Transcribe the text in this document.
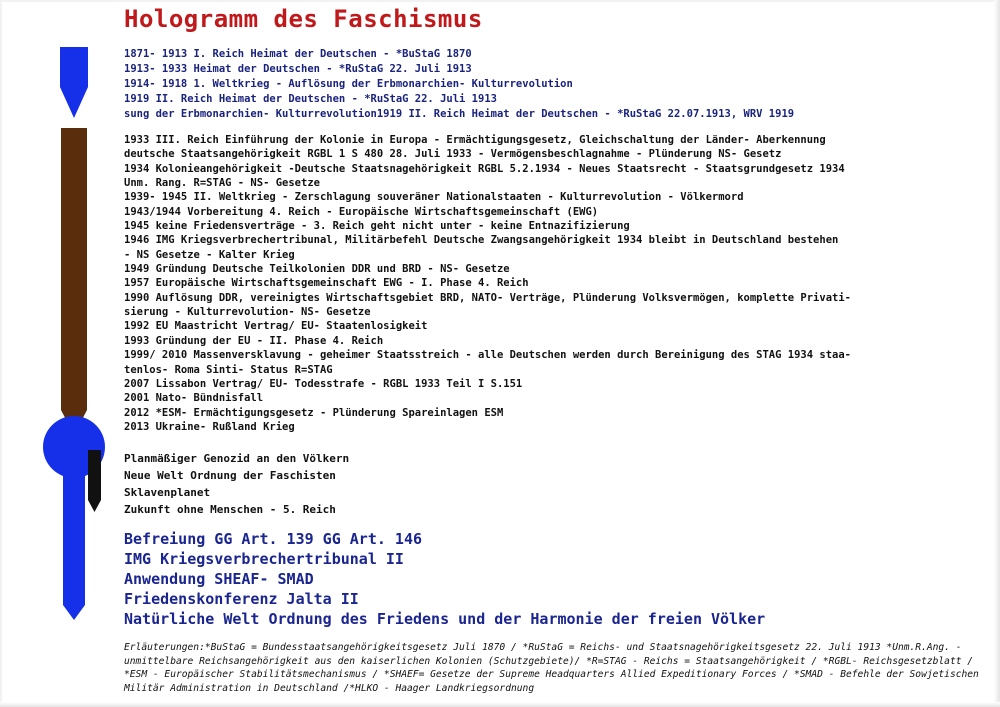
Hologramm des Faschismus
1871- 1913 I. Reich Heimat der Deutschen - *BuStaG 1870
1913- 1933 Heimat der Deutschen - *RuStaG 22. Juli 1913
1914- 1918 1. Weltkrieg - Auflösung der Erbmonarchien- Kulturrevolution
1919 II. Reich Heimat der Deutschen - *RuStaG 22. Juli 1913
sung der Erbmonarchien- Kulturrevolution1919 II. Reich Heimat der Deutschen - *RuStaG 22.07.1913, WRV 1919
1933 III. Reich Einführung der Kolonie in Europa - Ermächtigungsgesetz, Gleichschaltung der Länder- Aberkennung
deutsche Staatsangehörigkeit RGBL 1 S 480 28. Juli 1933 - Vermögensbeschlagnahme - Plünderung NS- Gesetz
1934 Kolonieangehörigkeit -Deutsche Staatsnagehörigkeit RGBL 5.2.1934 - Neues Staatsrecht - Staatsgrundgesetz 1934
Unm. Rang. R=STAG - NS- Gesetze
1939- 1945 II. Weltkrieg - Zerschlagung souveräner Nationalstaaten - Kulturrevolution - Völkermord
1943/1944 Vorbereitung 4. Reich - Europäische Wirtschaftsgemeinschaft (EWG)
1945 keine Friedensverträge - 3. Reich geht nicht unter - keine Entnazifizierung
1946 IMG Kriegsverbrechertribunal, Militärbefehl Deutsche Zwangsangehörigkeit 1934 bleibt in Deutschland bestehen
- NS Gesetze - Kalter Krieg
1949 Gründung Deutsche Teilkolonien DDR und BRD - NS- Gesetze
1957 Europäische Wirtschaftsgemeinschaft EWG - I. Phase 4. Reich
1990 Auflösung DDR, vereinigtes Wirtschaftsgebiet BRD, NATO- Verträge, Plünderung Volksvermögen, komplette Privati-
sierung - Kulturrevolution- NS- Gesetze
1992 EU Maastricht Vertrag/ EU- Staatenlosigkeit
1993 Gründung der EU - II. Phase 4. Reich
1999/ 2010 Massenversklavung - geheimer Staatsstreich - alle Deutschen werden durch Bereinigung des STAG 1934 staa-
tenlos- Roma Sinti- Status R=STAG
2007 Lissabon Vertrag/ EU- Todesstrafe - RGBL 1933 Teil I S.151
2001 Nato- Bündnisfall
2012 *ESM- Ermächtigungsgesetz - Plünderung Spareinlagen ESM
2013 Ukraine- Rußland Krieg
Planmäßiger Genozid an den Völkern
Neue Welt Ordnung der Faschisten
Sklavenplanet
Zukunft ohne Menschen - 5. Reich
Befreiung GG Art. 139 GG Art. 146
IMG Kriegsverbrechertribunal II
Anwendung SHEAF- SMAD
Friedenskonferenz Jalta II
Natürliche Welt Ordnung des Friedens und der Harmonie der freien Völker
Erläuterungen:*BuStaG = Bundesstaatsangehörigkeitsgesetz Juli 1870 / *RuStaG = Reichs- und Staatsnagehörigkeitsgesetz 22. Juli 1913 *Unm.R.Ang. - unmittelbare Reichsangehörigkeit aus den kaiserlichen Kolonien (Schutzgebiete)/ *R=STAG - Reichs = Staatsangehörigkeit / *RGBL- Reichsgesetzblatt / *ESM - Europäischer Stabilitätsmechanismus / *SHAEF= Gesetze der Supreme Headquarters Allied Expeditionary Forces / *SMAD - Befehle der Sowjetischen Militär Administration in Deutschland /*HLKO - Haager Landkriegsordnung
